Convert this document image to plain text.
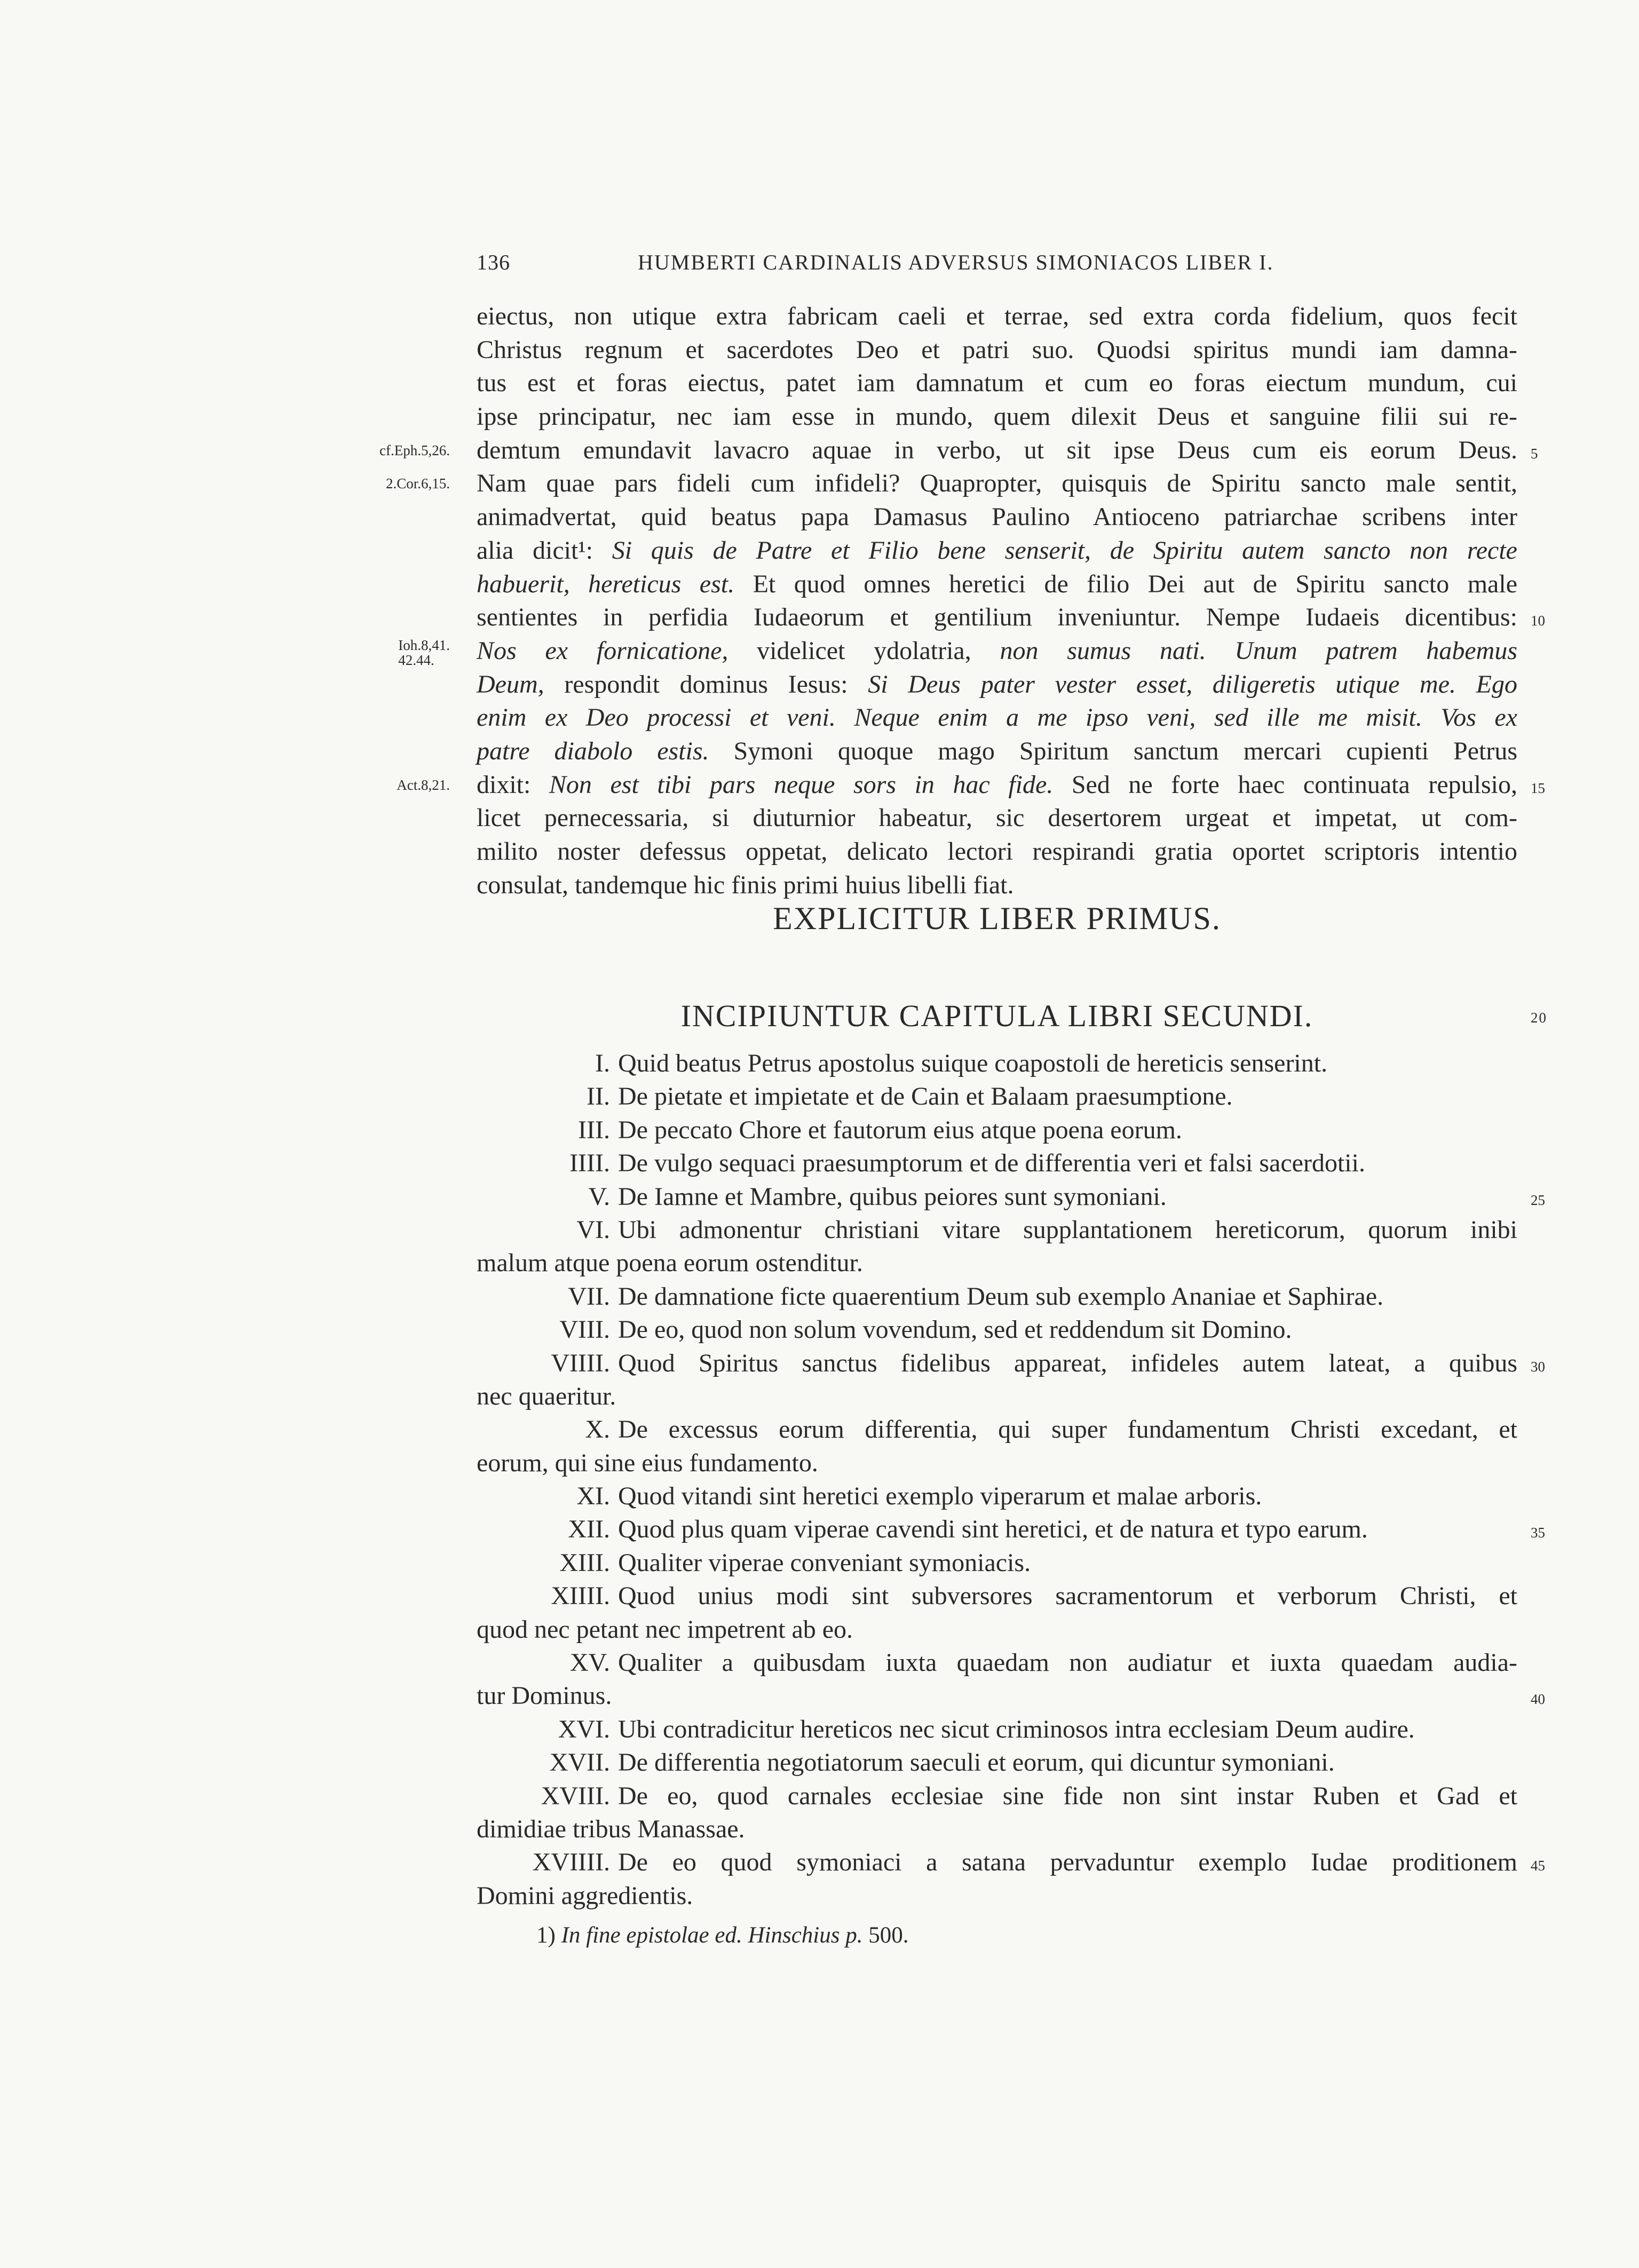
136	HUMBERTI CARDINALIS ADVERSUS SIMONIACOS LIBER I.
eiectus, non utique extra fabricam caeli et terrae, sed extra corda fidelium, quos fecit
Christus regnum et sacerdotes Deo et patri suo. Quodsi spiritus mundi iam damna-
tus est et foras eiectus, patet iam damnatum et cum eo foras eiectum mundum, cui
ipse principatur, nec iam esse in mundo, quem dilexit Deus et sanguine filii sui re-
demtum emundavit lavacro aquae in verbo, ut sit ipse Deus cum eis eorum Deus.
cf.Eph.5,26.	5
Nam quae pars fideli cum infideli? Quapropter, quisquis de Spiritu sancto male sentit,
2.Cor.6,15.
animadvertat, quid beatus papa Damasus Paulino Antioceno patriarchae scribens inter
alia dicit¹: Si quis de Patre et Filio bene senserit, de Spiritu autem sancto non recte
habuerit, hereticus est. Et quod omnes heretici de filio Dei aut de Spiritu sancto male
sentientes in perfidia Iudaeorum et gentilium inveniuntur. Nempe Iudaeis dicentibus: 10
Nos ex fornicatione, videlicet ydolatria, non sumus nati. Unum patrem habemus
Ioh.8,41.
42.44.
Deum, respondit dominus Iesus: Si Deus pater vester esset, diligeretis utique me. Ego
enim ex Deo processi et veni. Neque enim a me ipso veni, sed ille me misit. Vos ex
patre diabolo estis. Symoni quoque mago Spiritum sanctum mercari cupienti Petrus
dixit: Non est tibi pars neque sors in hac fide. Sed ne forte haec continuata repulsio,
Act.8,21.	15
licet pernecessaria, si diuturnior habeatur, sic desertorem urgeat et impetat, ut com-
milito noster defessus oppetat, delicato lectori respirandi gratia oportet scriptoris intentio
consulat, tandemque hic finis primi huius libelli fiat.
EXPLICITUR LIBER PRIMUS.
INCIPIUNTUR CAPITULA LIBRI SECUNDI.	20
I. Quid beatus Petrus apostolus suique coapostoli de hereticis senserint.
II. De pietate et impietate et de Cain et Balaam praesumptione.
III. De peccato Chore et fautorum eius atque poena eorum.
IIII. De vulgo sequaci praesumptorum et de differentia veri et falsi sacerdotii.
V. De Iamne et Mambre, quibus peiores sunt symoniani.	25
VI. Ubi admonentur christiani vitare supplantationem hereticorum, quorum inibi
malum atque poena eorum ostenditur.
VII. De damnatione ficte quaerentium Deum sub exemplo Ananiae et Saphirae.
VIII. De eo, quod non solum vovendum, sed et reddendum sit Domino.
VIIII. Quod Spiritus sanctus fidelibus appareat, infideles autem lateat, a quibus 30
nec quaeritur.
X. De excessus eorum differentia, qui super fundamentum Christi excedant, et
eorum, qui sine eius fundamento.
XI. Quod vitandi sint heretici exemplo viperarum et malae arboris.
XII. Quod plus quam viperae cavendi sint heretici, et de natura et typo earum.	35
XIII. Qualiter viperae conveniant symoniacis.
XIIII. Quod unius modi sint subversores sacramentorum et verborum Christi, et
quod nec petant nec impetrent ab eo.
XV. Qualiter a quibusdam iuxta quaedam non audiatur et iuxta quaedam audia-
tur Dominus.	40
XVI. Ubi contradicitur hereticos nec sicut criminosos intra ecclesiam Deum audire.
XVII. De differentia negotiatorum saeculi et eorum, qui dicuntur symoniani.
XVIII. De eo, quod carnales ecclesiae sine fide non sint instar Ruben et Gad et
dimidiae tribus Manassae.
XVIIII. De eo quod symoniaci a satana pervaduntur exemplo Iudae proditionem 45
Domini aggredientis.
1) In fine epistolae ed. Hinschius p. 500.
